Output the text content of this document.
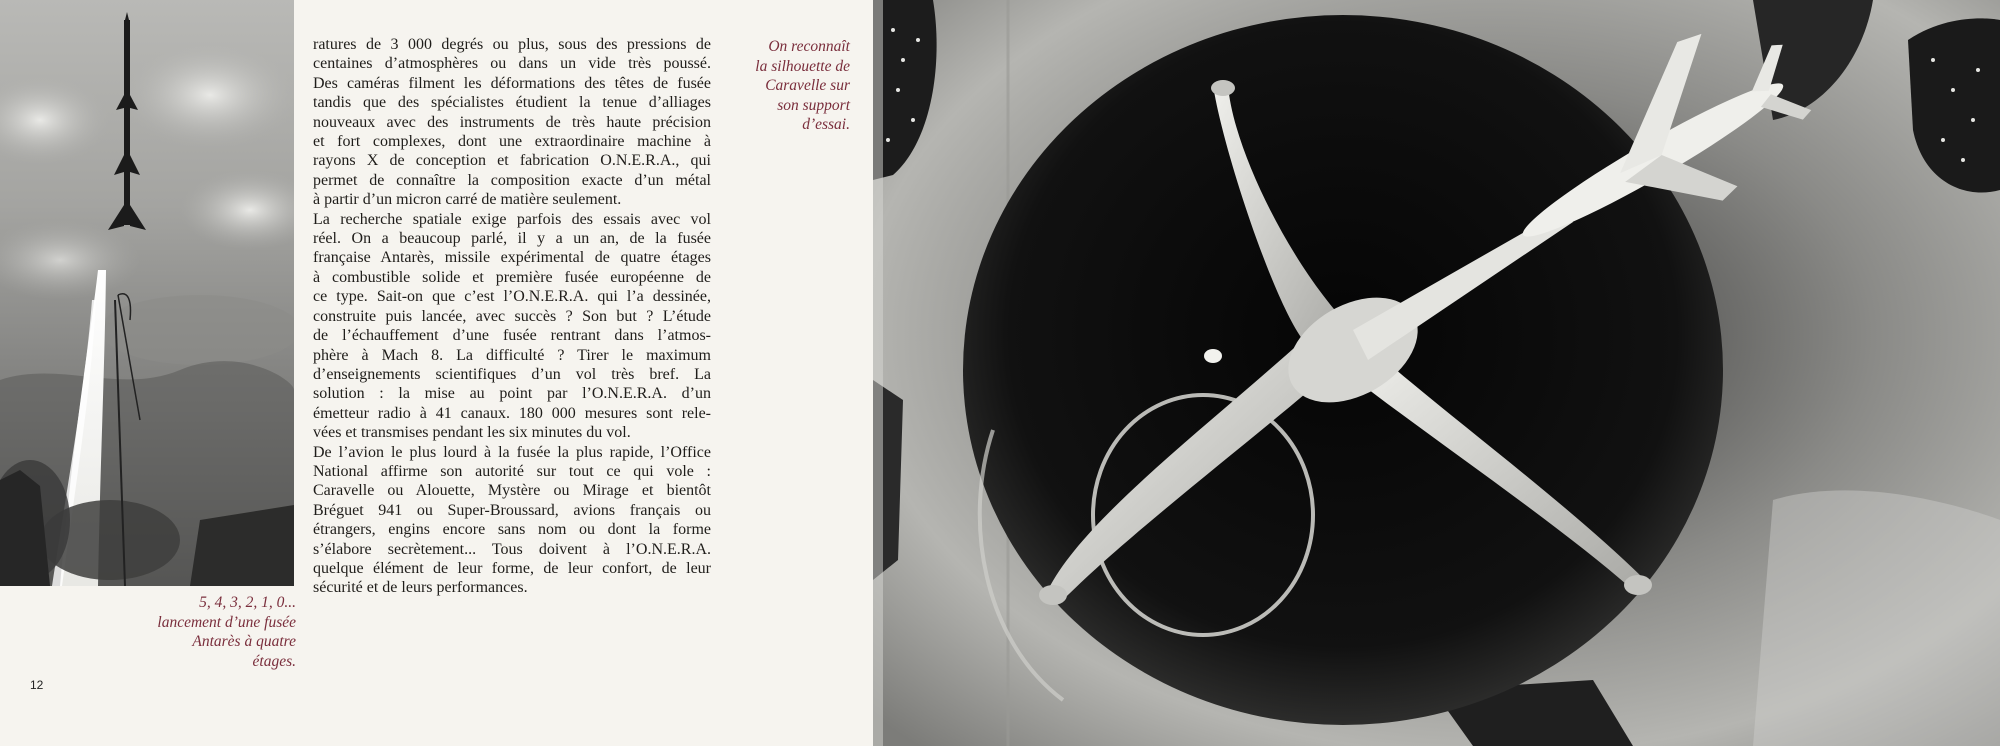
5, 4, 3, 2, 1, 0...
lancement d’une fusée
Antarès à quatre
étages.
12
ratures de 3 000 degrés ou plus, sous des pressions de
centaines d’atmosphères ou dans un vide très poussé.
Des caméras filment les déformations des têtes de fusée
tandis que des spécialistes étudient la tenue d’alliages
nouveaux avec des instruments de très haute précision
et fort complexes, dont une extraordinaire machine à
rayons X de conception et fabrication O.N.E.R.A., qui
permet de connaître la composition exacte d’un métal
à partir d’un micron carré de matière seulement.
La recherche spatiale exige parfois des essais avec vol
réel. On a beaucoup parlé, il y a un an, de la fusée
française Antarès, missile expérimental de quatre étages
à combustible solide et première fusée européenne de
ce type. Sait-on que c’est l’O.N.E.R.A. qui l’a dessinée,
construite puis lancée, avec succès ? Son but ? L’étude
de l’échauffement d’une fusée rentrant dans l’atmos-
phère à Mach 8. La difficulté ? Tirer le maximum
d’enseignements scientifiques d’un vol très bref. La
solution : la mise au point par l’O.N.E.R.A. d’un
émetteur radio à 41 canaux. 180 000 mesures sont rele-
vées et transmises pendant les six minutes du vol.
De l’avion le plus lourd à la fusée la plus rapide, l’Office
National affirme son autorité sur tout ce qui vole :
Caravelle ou Alouette, Mystère ou Mirage et bientôt
Bréguet 941 ou Super-Broussard, avions français ou
étrangers, engins encore sans nom ou dont la forme
s’élabore secrètement... Tous doivent à l’O.N.E.R.A.
quelque élément de leur forme, de leur confort, de leur
sécurité et de leurs performances.
On reconnaît
la silhouette de
Caravelle sur
son support
d’essai.
